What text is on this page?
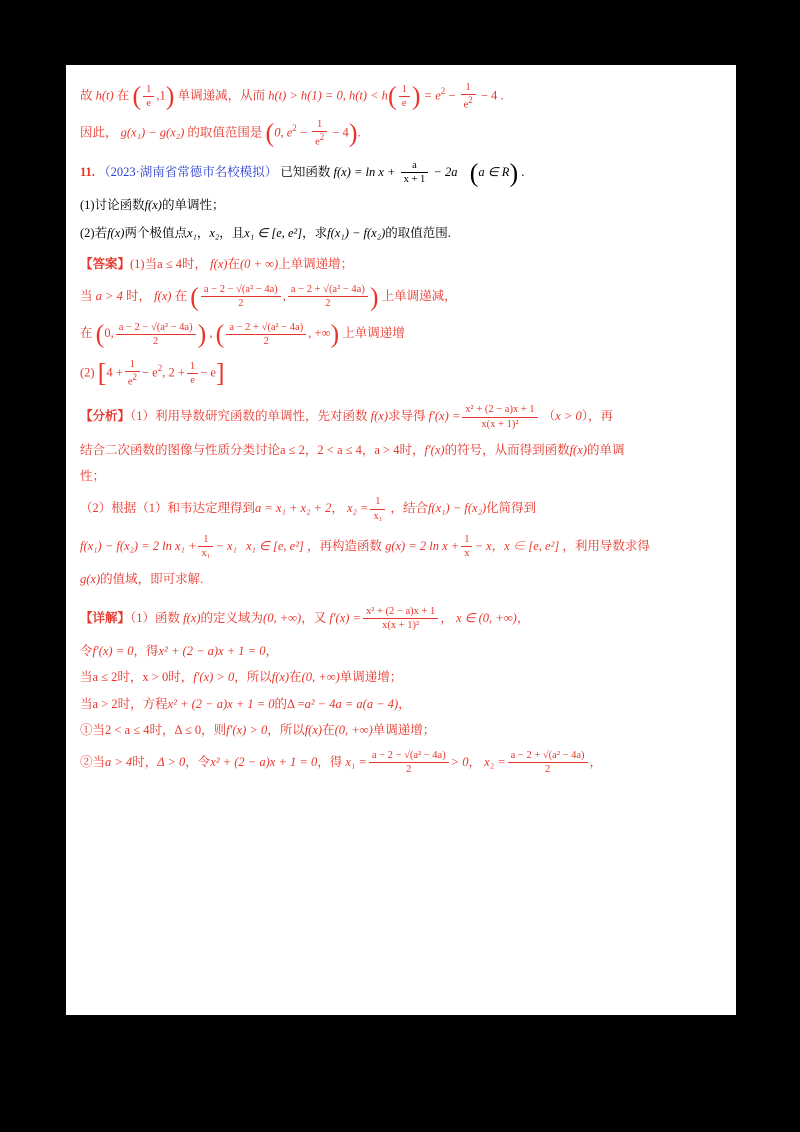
故 h(t) 在 ( $\frac{1}{e} ,1$) 单调递减，从而 h(t) > h(1) = 0, $h(t) < h( \frac{1}{e}$ ) = $e^2 - \frac{1}{e2} - 4$ .
因此， g(x₁) − g(x₂) 的取值范围是 (0, $e^2 - \frac{1}{e2} - 4$).
11. （2023·湖南省常德市名校模拟） 已知函数 $f(x) = \ln x + \frac{a}{x + 1} - 2a$ (a ∈ R) .
(1)讨论函数f(x)的单调性；
(2)若f(x)两个极值点x₁，x₂，且x₁ ∈ [e, e²]，求f(x₁) − f(x₂)的取值范围.
【答案】(1)当a ≤ 4时， f(x)在(0 + ∞)上单调递增；
当 a > 4 时， f(x) 在 ( $\frac{\text{a − 2 − √(a² − 4a)}}{2}$ , $\frac{\text{a − 2 + √(a² − 4a)}}{2}$ ) 上单调递减，
在 (0, $\frac{\text{a − 2 − √(a² − 4a)}}{2}$ ) , ( $\frac{\text{a − 2 + √(a² − 4a)}}{2}$ , +∞) 上单调递增
(2) [$4 + \frac{1}{e2} - e^2$, $2 + \frac{1}{e} - e$]
【分析】（1）利用导数研究函数的单调性，先对函数 f(x)求导得 $f'(x) = \frac{\text{x² + (2 − a)x + 1}}{\text{x(x + 1)²}} (x > 0)$，再
结合二次函数的图像与性质分类讨论a ≤ 2，2 < a ≤ 4，a > 4时，f′(x)的符号，从而得到函数f(x)的单调
性；
（2）根据（1）和韦达定理得到a = x₁ + x₂ + 2， $x_2 = \frac{1}{\text{x₁}}$ ，结合f(x₁) − f(x₂)化简得到
f(x₁) − f(x₂) = 2 $\ln x_1 + \frac{1}{\text{x₁}} - x_1$ x₁ ∈ [e, e²] ，再构造函数 g(x) = 2 $\ln x + \frac{1}{x} - x$，x ∈ [e, e²] ，利用导数求得
g(x)的值域，即可求解.
【详解】（1）函数 f(x)的定义域为(0, +∞)，又 $f'(x) = \frac{\text{x² + (2 − a)x + 1}}{\text{x(x + 1)²}}$ ， x ∈ (0, +∞)，
令f′(x) = 0，得x² + (2 − a)x + 1 = 0，
当a ≤ 2时，x > 0时，f′(x) > 0，所以f(x)在(0, +∞)单调递增；
当a > 2时，方程x² + (2 − a)x + 1 = 0的Δ =a² − 4a = a(a − 4)，
①当2 < a ≤ 4时，Δ ≤ 0，则f′(x) > 0，所以f(x)在(0, +∞)单调递增；
②当a > 4时，Δ > 0，令x² + (2 − a)x + 1 = 0，得 $x_1 = \frac{\text{a − 2 − √(a² − 4a)}}{2} > 0$， $x_2 = \frac{\text{a − 2 + √(a² − 4a)}}{2}$ ，
